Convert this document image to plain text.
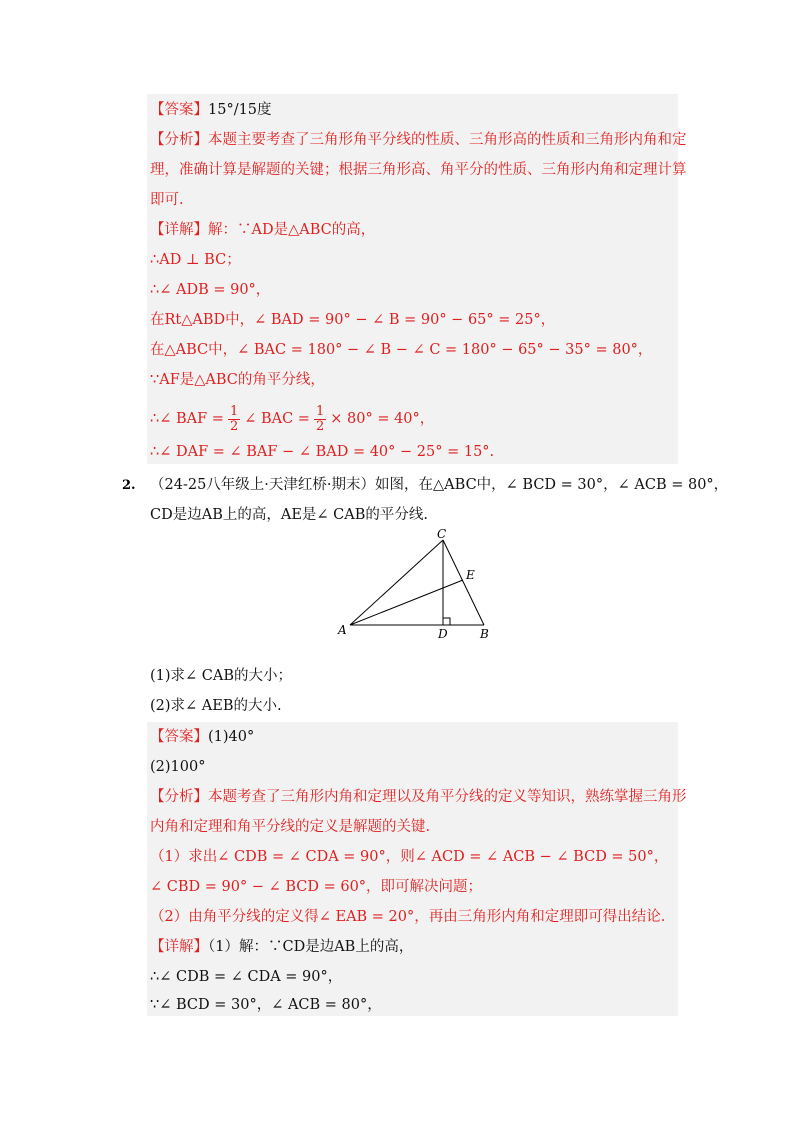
【答案】15°/15度
【分析】本题主要考查了三角形角平分线的性质、三角形高的性质和三角形内角和定
理，准确计算是解题的关键；根据三角形高、角平分的性质、三角形内角和定理计算
即可.
【详解】解：∵AD是△ABC的高，
∴AD ⊥ BC；
∴∠ ADB = 90°，
在Rt△ABD中，∠ BAD = 90° − ∠ B = 90° − 65° = 25°，
在△ABC中，∠ BAC = 180° − ∠ B − ∠ C = 180° − 65° − 35° = 80°，
∵AF是△ABC的角平分线，
∴∠ BAF = $\frac{1}{2}$ ∠ BAC = $\frac{1}{2} \times 80^\circ = 40^\circ$，
∴∠ DAF = ∠ BAF − ∠ BAD = 40° − 25° = 15°.
2. （24-25八年级上·天津红桥·期末）如图，在△ABC中，∠ BCD = 30°，∠ ACB = 80°，
CD是边AB上的高，AE是∠ CAB的平分线.
A	B
C
D
E
(1)求∠ CAB的大小；
(2)求∠ AEB的大小.
【答案】(1)40°
(2)100°
【分析】本题考查了三角形内角和定理以及角平分线的定义等知识，熟练掌握三角形
内角和定理和角平分线的定义是解题的关键.
（1）求出∠ CDB = ∠ CDA = 90°，则∠ ACD = ∠ ACB − ∠ BCD = 50°，
∠ CBD = 90° − ∠ BCD = 60°，即可解决问题；
（2）由角平分线的定义得∠ EAB = 20°，再由三角形内角和定理即可得出结论.
【详解】（1）解：∵CD是边AB上的高，
∴∠ CDB = ∠ CDA = 90°，
∵∠ BCD = 30°，∠ ACB = 80°，
